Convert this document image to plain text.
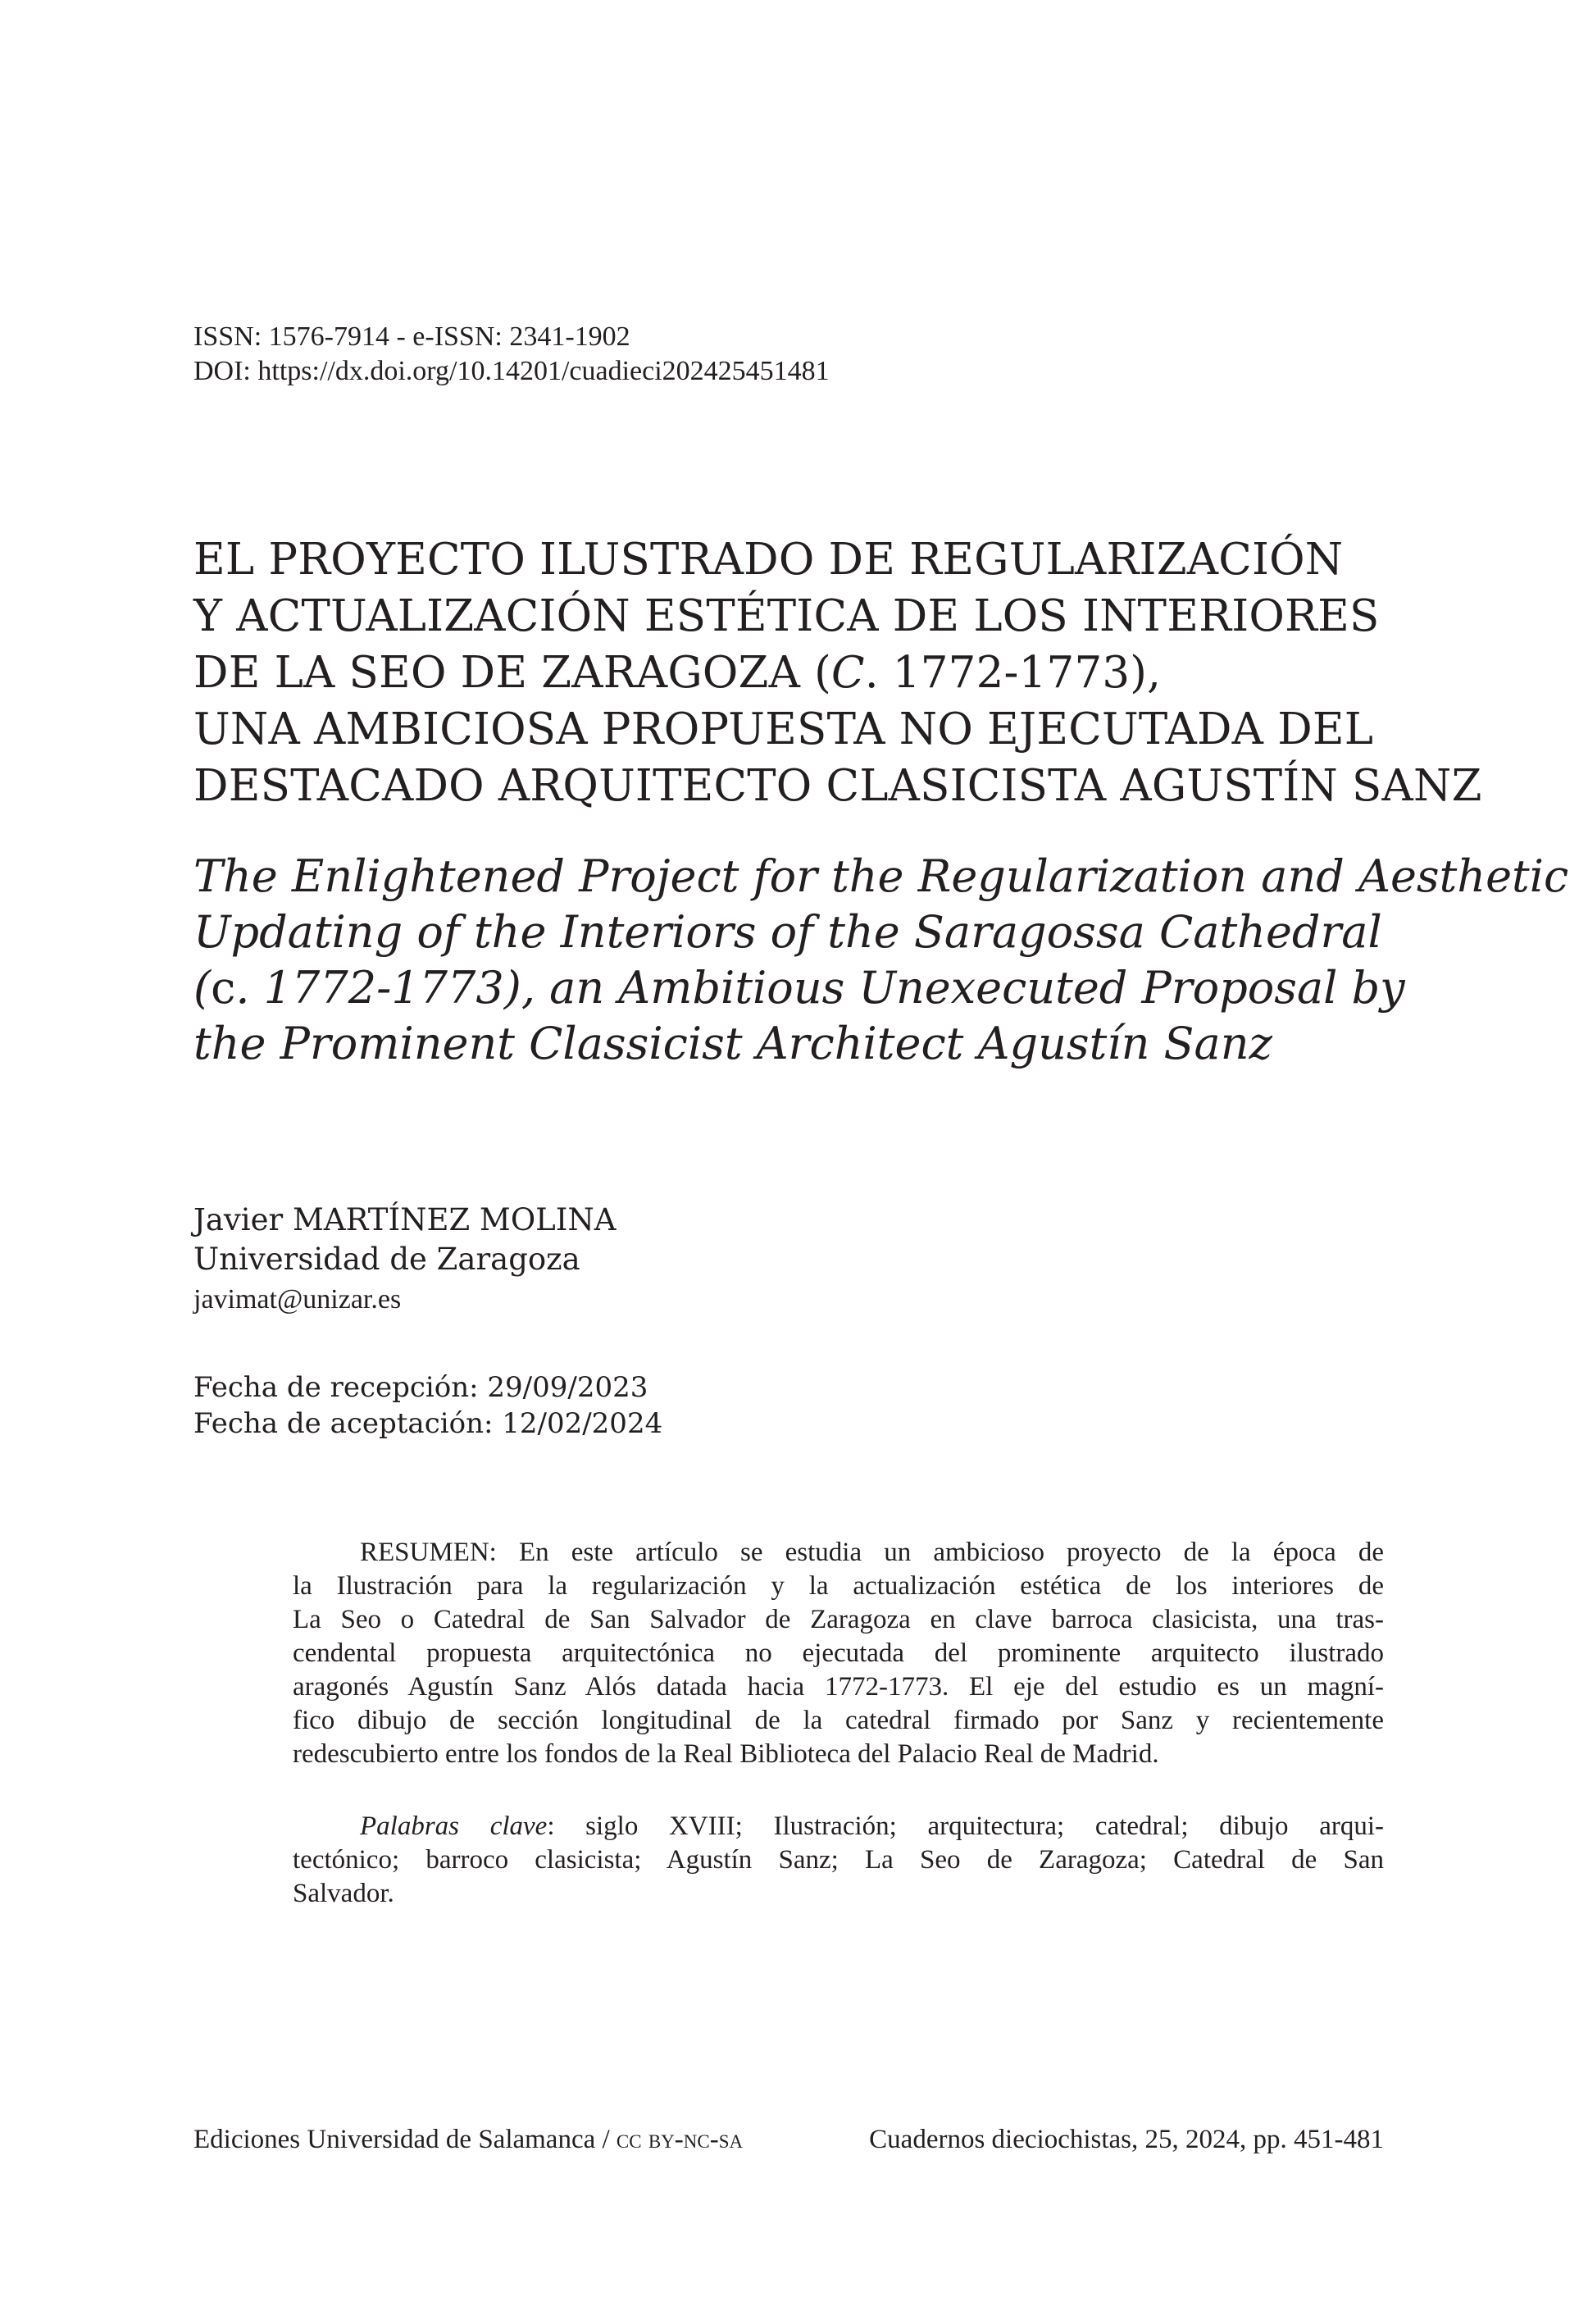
ISSN: 1576-7914 - e-ISSN: 2341-1902
DOI: https://dx.doi.org/10.14201/cuadieci202425451481
EL PROYECTO ILUSTRADO DE REGULARIZACIÓN
Y ACTUALIZACIÓN ESTÉTICA DE LOS INTERIORES
DE LA SEO DE ZARAGOZA (C. 1772-1773),
UNA AMBICIOSA PROPUESTA NO EJECUTADA DEL
DESTACADO ARQUITECTO CLASICISTA AGUSTÍN SANZ
The Enlightened Project for the Regularization and Aesthetic
Updating of the Interiors of the Saragossa Cathedral
(c. 1772-1773), an Ambitious Unexecuted Proposal by
the Prominent Classicist Architect Agustín Sanz
Javier MARTÍNEZ MOLINA
Universidad de Zaragoza
javimat@unizar.es
Fecha de recepción: 29/09/2023
Fecha de aceptación: 12/02/2024
RESUMEN: En este artículo se estudia un ambicioso proyecto de la época de
la Ilustración para la regularización y la actualización estética de los interiores de
La Seo o Catedral de San Salvador de Zaragoza en clave barroca clasicista, una tras-
cendental propuesta arquitectónica no ejecutada del prominente arquitecto ilustrado
aragonés Agustín Sanz Alós datada hacia 1772-1773. El eje del estudio es un magní-
fico dibujo de sección longitudinal de la catedral firmado por Sanz y recientemente
redescubierto entre los fondos de la Real Biblioteca del Palacio Real de Madrid.
Palabras clave: siglo XVIII; Ilustración; arquitectura; catedral; dibujo arqui-
tectónico; barroco clasicista; Agustín Sanz; La Seo de Zaragoza; Catedral de San
Salvador.
Ediciones Universidad de Salamanca / cc by-nc-sa	Cuadernos dieciochistas, 25, 2024, pp. 451-481
